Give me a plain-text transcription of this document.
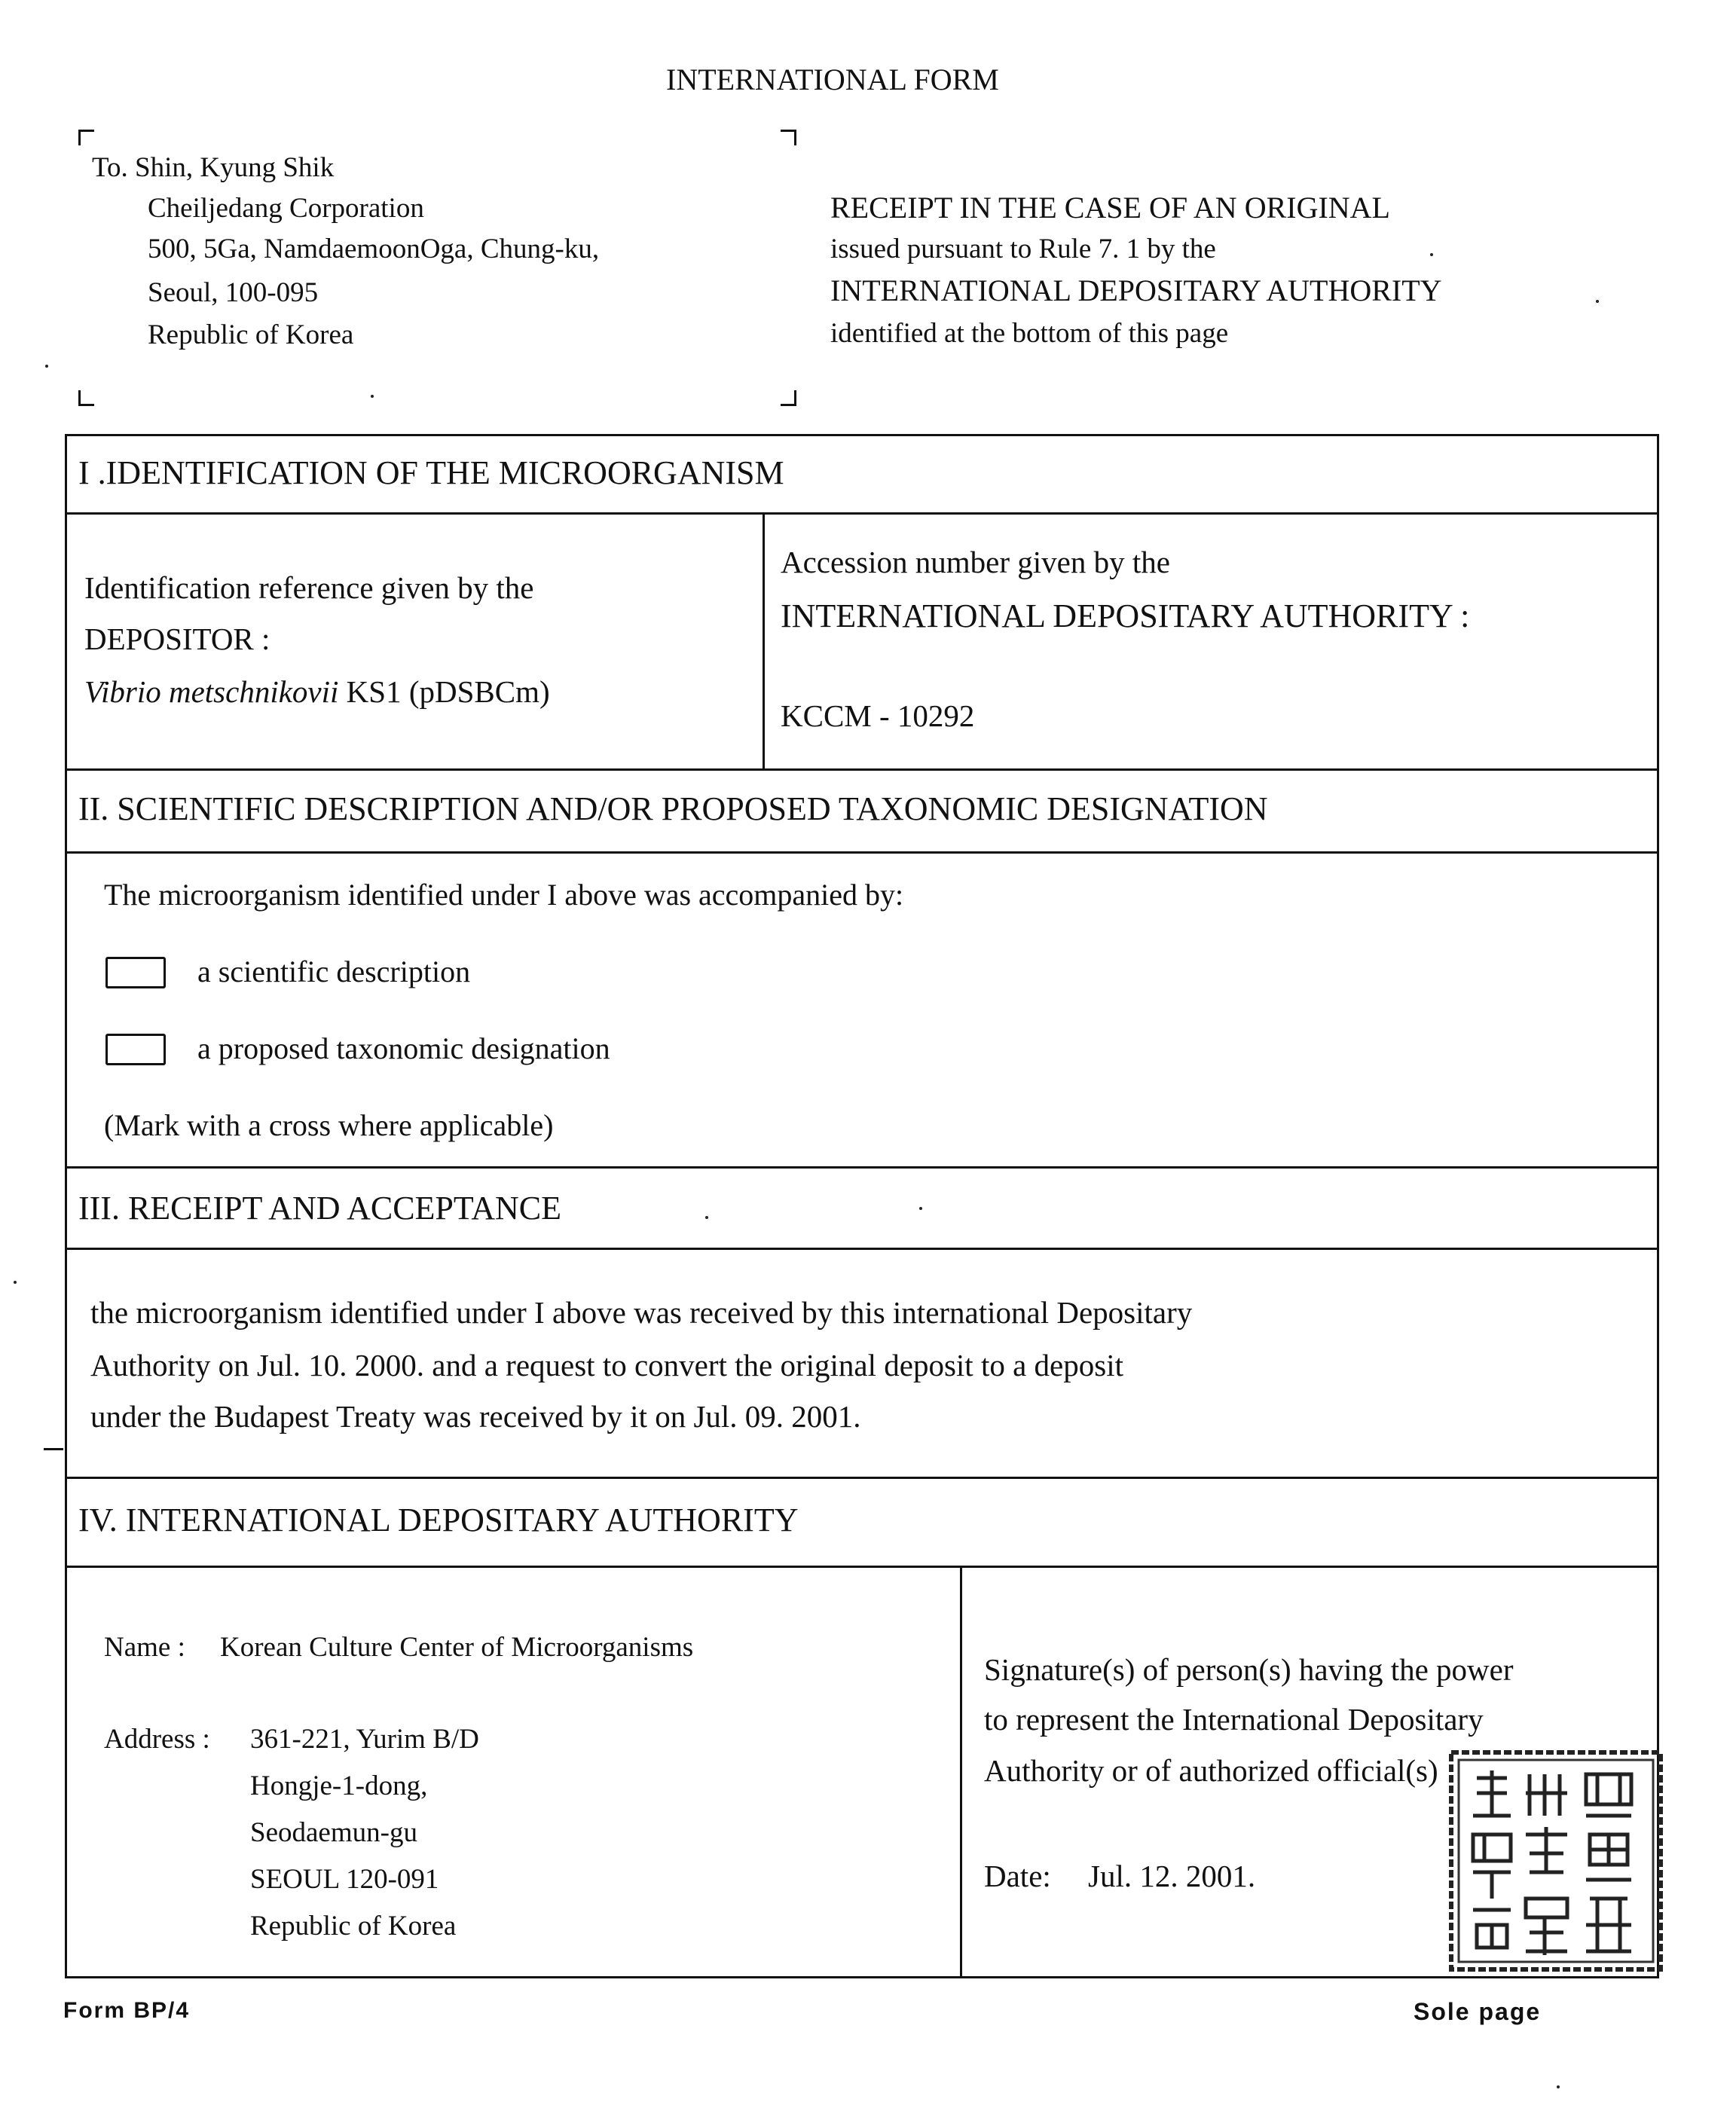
INTERNATIONAL FORM
To. Shin, Kyung Shik
Cheiljedang Corporation
500, 5Ga, NamdaemoonOga, Chung-ku,
Seoul, 100-095
Republic of Korea
RECEIPT IN THE CASE OF AN ORIGINAL
issued pursuant to Rule 7. 1 by the
INTERNATIONAL DEPOSITARY AUTHORITY
identified at the bottom of this page
I .IDENTIFICATION OF THE MICROORGANISM
Identification reference given by the
DEPOSITOR :
Vibrio metschnikovii KS1 (pDSBCm)
Accession number given by the
INTERNATIONAL DEPOSITARY AUTHORITY :
KCCM - 10292
II. SCIENTIFIC DESCRIPTION AND/OR PROPOSED TAXONOMIC DESIGNATION
The microorganism identified under I above was accompanied by:
a scientific description
a proposed taxonomic designation
(Mark with a cross where applicable)
III. RECEIPT AND ACCEPTANCE
the microorganism identified under I above was received by this international Depositary
Authority on Jul. 10. 2000. and a request to convert the original deposit to a deposit
under the Budapest Treaty was received by it on Jul. 09. 2001.
IV. INTERNATIONAL DEPOSITARY AUTHORITY
Name : Korean Culture Center of Microorganisms
Address : 361-221, Yurim B/D
Hongje-1-dong,
Seodaemun-gu
SEOUL 120-091
Republic of Korea
Signature(s) of person(s) having the power
to represent the International Depositary
Authority or of authorized official(s)
Date: Jul. 12. 2001.
Form BP/4	Sole page
